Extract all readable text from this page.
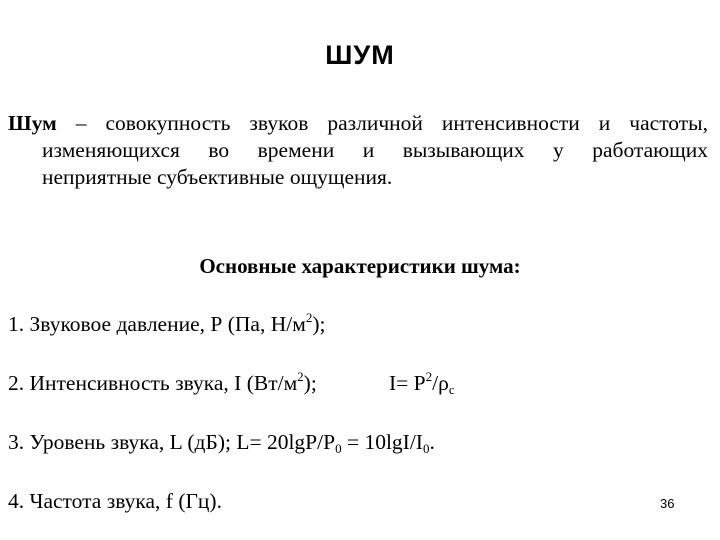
ШУМ
Шум – совокупность звуков различной интенсивности и частоты,
изменяющихся во времени и вызывающих у работающих
неприятные субъективные ощущения.
Основные характеристики шума:
1. Звуковое давление, Р (Па, $Н/м^2$);
2. Интенсивность звука, I $(Вт/м^2)$;	$I= Р^2/\rho_c$
3. Уровень звука, L (дБ); $L= 20\lg Р/Р_0 = 10\lg I/I_0$.
4. Частота звука, f (Гц).	36
